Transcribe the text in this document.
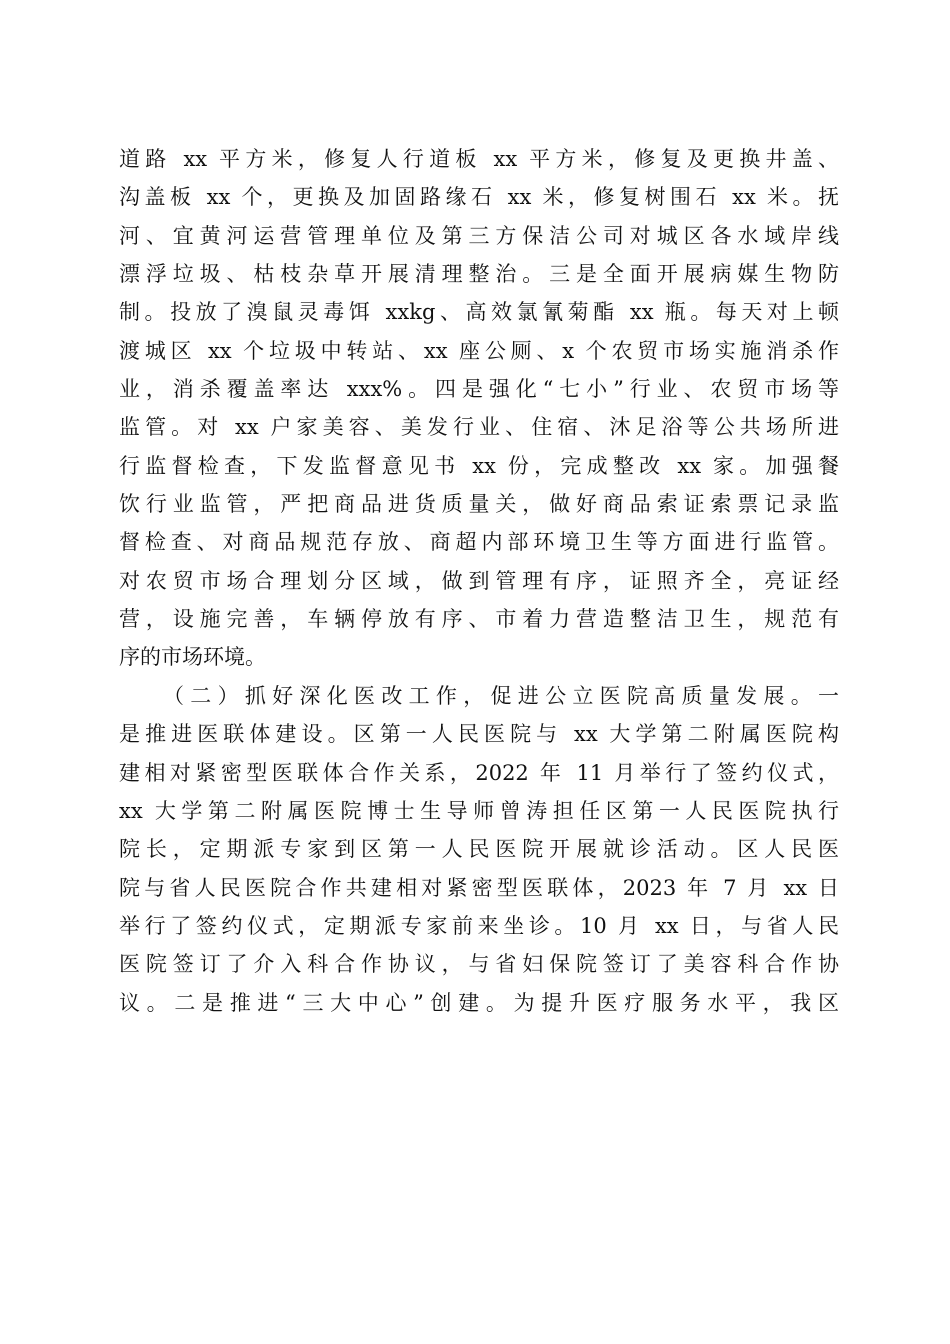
道路 xx 平方米，修复人行道板 xx 平方米，修复及更换井盖、
沟盖板 xx 个，更换及加固路缘石 xx 米，修复树围石 xx 米。抚
河、宜黄河运营管理单位及第三方保洁公司对城区各水域岸线
漂浮垃圾、枯枝杂草开展清理整治。三是全面开展病媒生物防
制。投放了溴鼠灵毒饵 xxkg、高效氯氰菊酯 xx 瓶。每天对上顿
渡城区 xx 个垃圾中转站、xx 座公厕、x 个农贸市场实施消杀作
业，消杀覆盖率达 xxx%。四是强化“七小”行业、农贸市场等
监管。对 xx 户家美容、美发行业、住宿、沐足浴等公共场所进
行监督检查，下发监督意见书 xx 份，完成整改 xx 家。加强餐
饮行业监管，严把商品进货质量关，做好商品索证索票记录监
督检查、对商品规范存放、商超内部环境卫生等方面进行监管。
对农贸市场合理划分区域，做到管理有序，证照齐全，亮证经
营，设施完善，车辆停放有序、市着力营造整洁卫生，规范有
序的市场环境。
（二）抓好深化医改工作，促进公立医院高质量发展。一
是推进医联体建设。区第一人民医院与 xx 大学第二附属医院构
建相对紧密型医联体合作关系，2022 年 11 月举行了签约仪式，
xx 大学第二附属医院博士生导师曾涛担任区第一人民医院执行
院长，定期派专家到区第一人民医院开展就诊活动。区人民医
院与省人民医院合作共建相对紧密型医联体，2023 年 7 月 xx 日
举行了签约仪式，定期派专家前来坐诊。10 月 xx 日，与省人民
医院签订了介入科合作协议，与省妇保院签订了美容科合作协
议。二是推进“三大中心”创建。为提升医疗服务水平，我区
